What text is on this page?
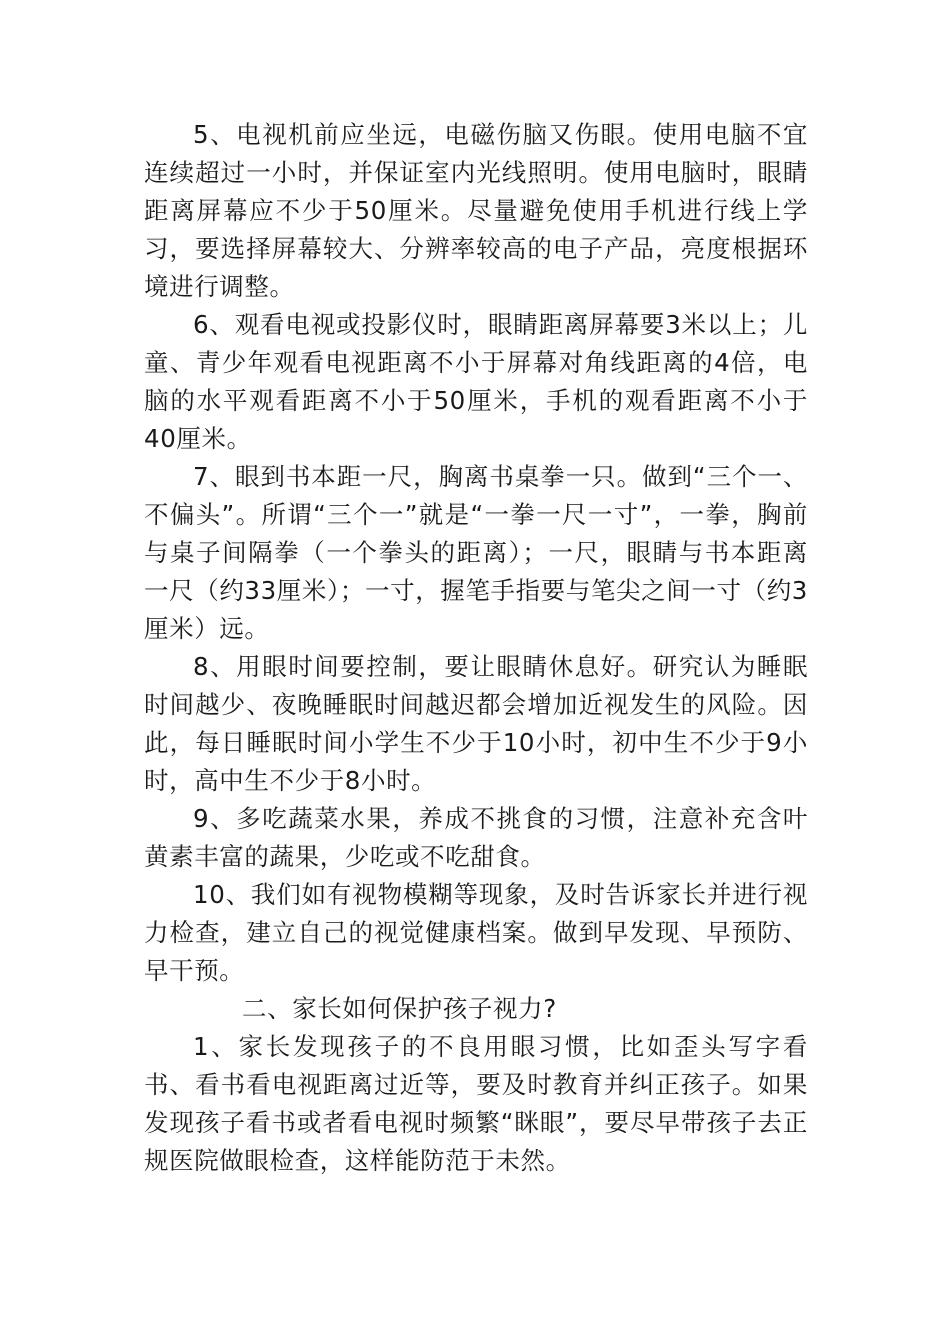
5、电视机前应坐远，电磁伤脑又伤眼。使用电脑不宜连续超过一小时，并保证室内光线照明。使用电脑时，眼睛距离屏幕应不少于50厘米。尽量避免使用手机进行线上学习，要选择屏幕较大、分辨率较高的电子产品，亮度根据环境进行调整。

6、观看电视或投影仪时，眼睛距离屏幕要3米以上；儿童、青少年观看电视距离不小于屏幕对角线距离的4倍，电脑的水平观看距离不小于50厘米，手机的观看距离不小于40厘米。

7、眼到书本距一尺，胸离书桌拳一只。做到“三个一、不偏头”。所谓“三个一”就是“一拳一尺一寸”，一拳，胸前与桌子间隔拳（一个拳头的距离）；一尺，眼睛与书本距离一尺（约33厘米）；一寸，握笔手指要与笔尖之间一寸（约3厘米）远。

8、用眼时间要控制，要让眼睛休息好。研究认为睡眠时间越少、夜晚睡眠时间越迟都会增加近视发生的风险。因此，每日睡眠时间小学生不少于10小时，初中生不少于9小时，高中生不少于8小时。

9、多吃蔬菜水果，养成不挑食的习惯，注意补充含叶黄素丰富的蔬果，少吃或不吃甜食。

10、我们如有视物模糊等现象，及时告诉家长并进行视力检查，建立自己的视觉健康档案。做到早发现、早预防、早干预。

二、家长如何保护孩子视力?

1、家长发现孩子的不良用眼习惯，比如歪头写字看书、看书看电视距离过近等，要及时教育并纠正孩子。如果发现孩子看书或者看电视时频繁“眯眼”，要尽早带孩子去正规医院做眼检查，这样能防范于未然。
